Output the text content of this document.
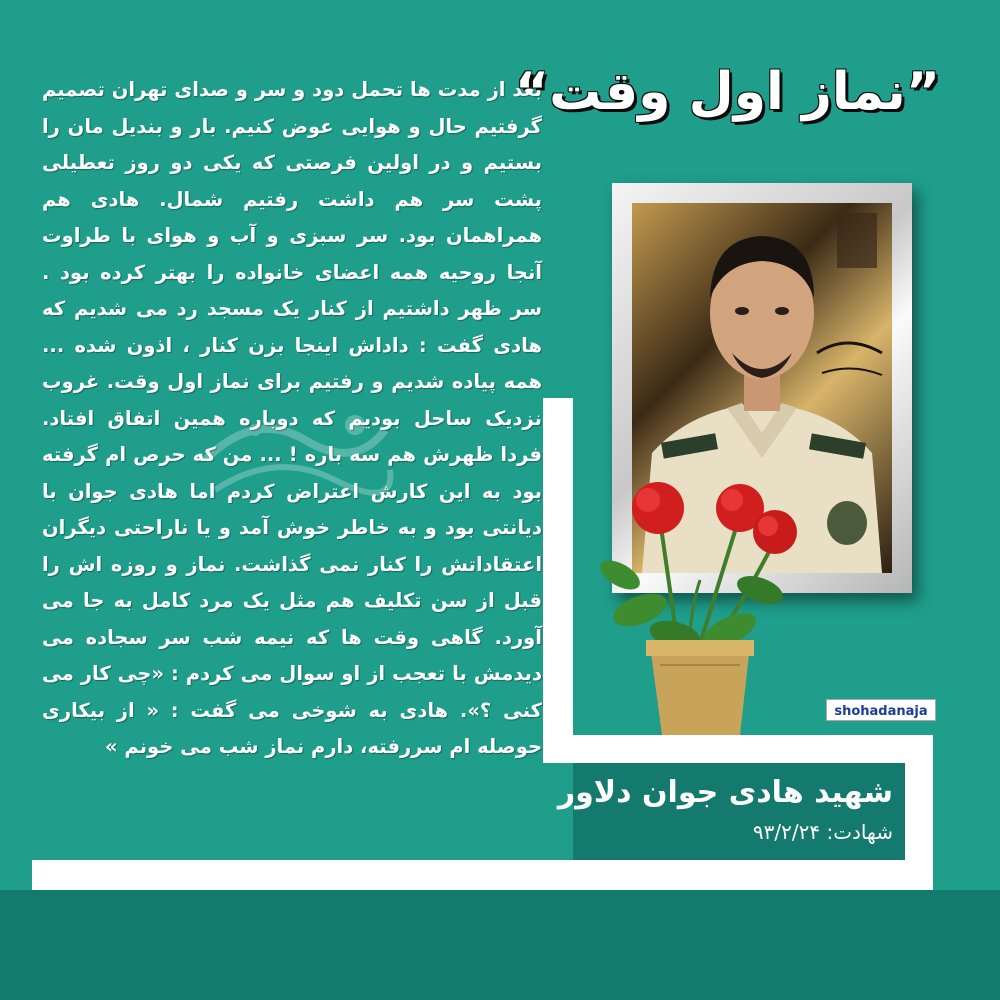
شهید هادی جوان دلاور
شهادت: ۹۳/۲/۲۴
”نماز اول وقت“
بعد از مدت ها تحمل دود و سر و صدای تهران تصمیم گرفتیم حال و هوایی عوض کنیم. بار و بندیل مان را بستیم و در اولین فرصتی که یکی دو روز تعطیلی پشت سر هم داشت رفتیم شمال. هادی هم همراهمان بود. سر سبزی و آب و هوای با طراوت آنجا روحیه همه اعضای خانواده را بهتر کرده بود . سر ظهر داشتیم از کنار یک مسجد رد می شدیم که هادی گفت : داداش اینجا بزن کنار ، اذون شده ... همه پیاده شدیم و رفتیم برای نماز اول وقت. غروب نزدیک ساحل بودیم که دوباره همین اتفاق افتاد. فردا ظهرش هم سه باره ! ... من که حرص ام گرفته بود به این کارش اعتراض کردم اما هادی جوان با دیانتی بود و به خاطر خوش آمد و یا ناراحتی دیگران اعتقاداتش را کنار نمی گذاشت. نماز و روزه اش را قبل از سن تکلیف هم مثل یک مرد کامل به جا می آورد. گاهی وقت ها که نیمه شب سر سجاده می دیدمش با تعجب از او سوال می کردم : «چی کار می کنی ؟». هادی به شوخی می گفت : « از بیکاری حوصله ام سررفته، دارم نماز شب می خونم »
shohadanaja
